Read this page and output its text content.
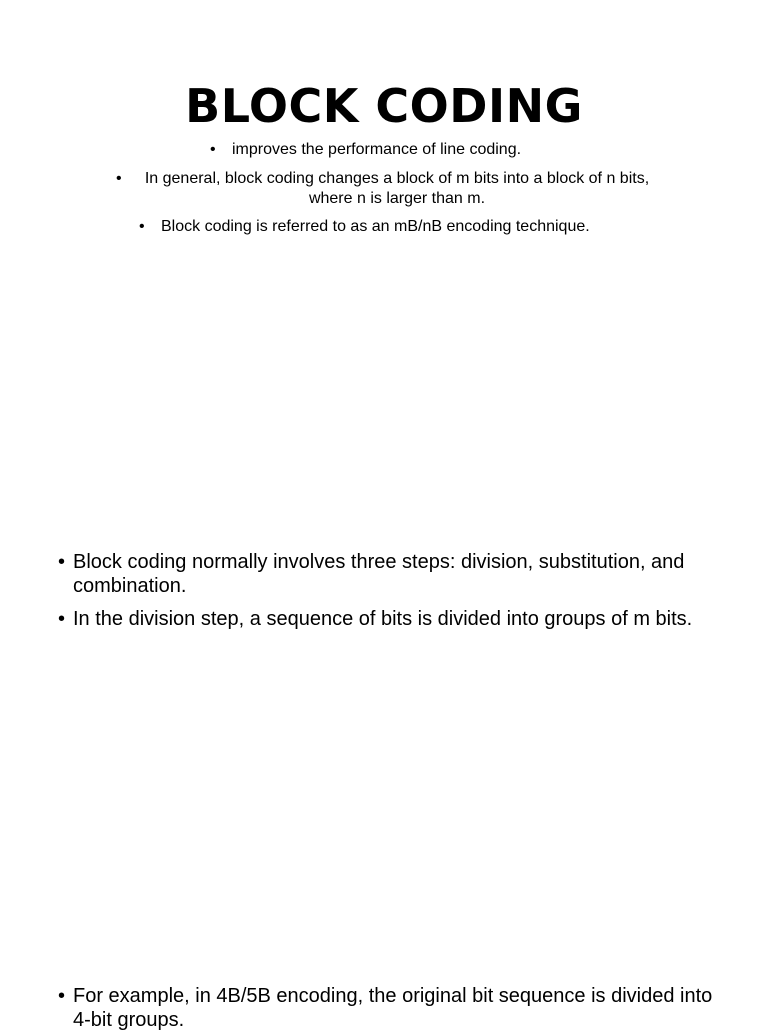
BLOCK CODING
•	improves the performance of line coding.
•	In general, block coding changes a block of m bits into a block of n bits, where n is larger than m.
•	Block coding is referred to as an mB/nB encoding technique.
• Block coding normally involves three steps: division, substitution, and combination.
• In the division step, a sequence of bits is divided into groups of m bits.
• For example, in 4B/5B encoding, the original bit sequence is divided into 4-bit groups.
